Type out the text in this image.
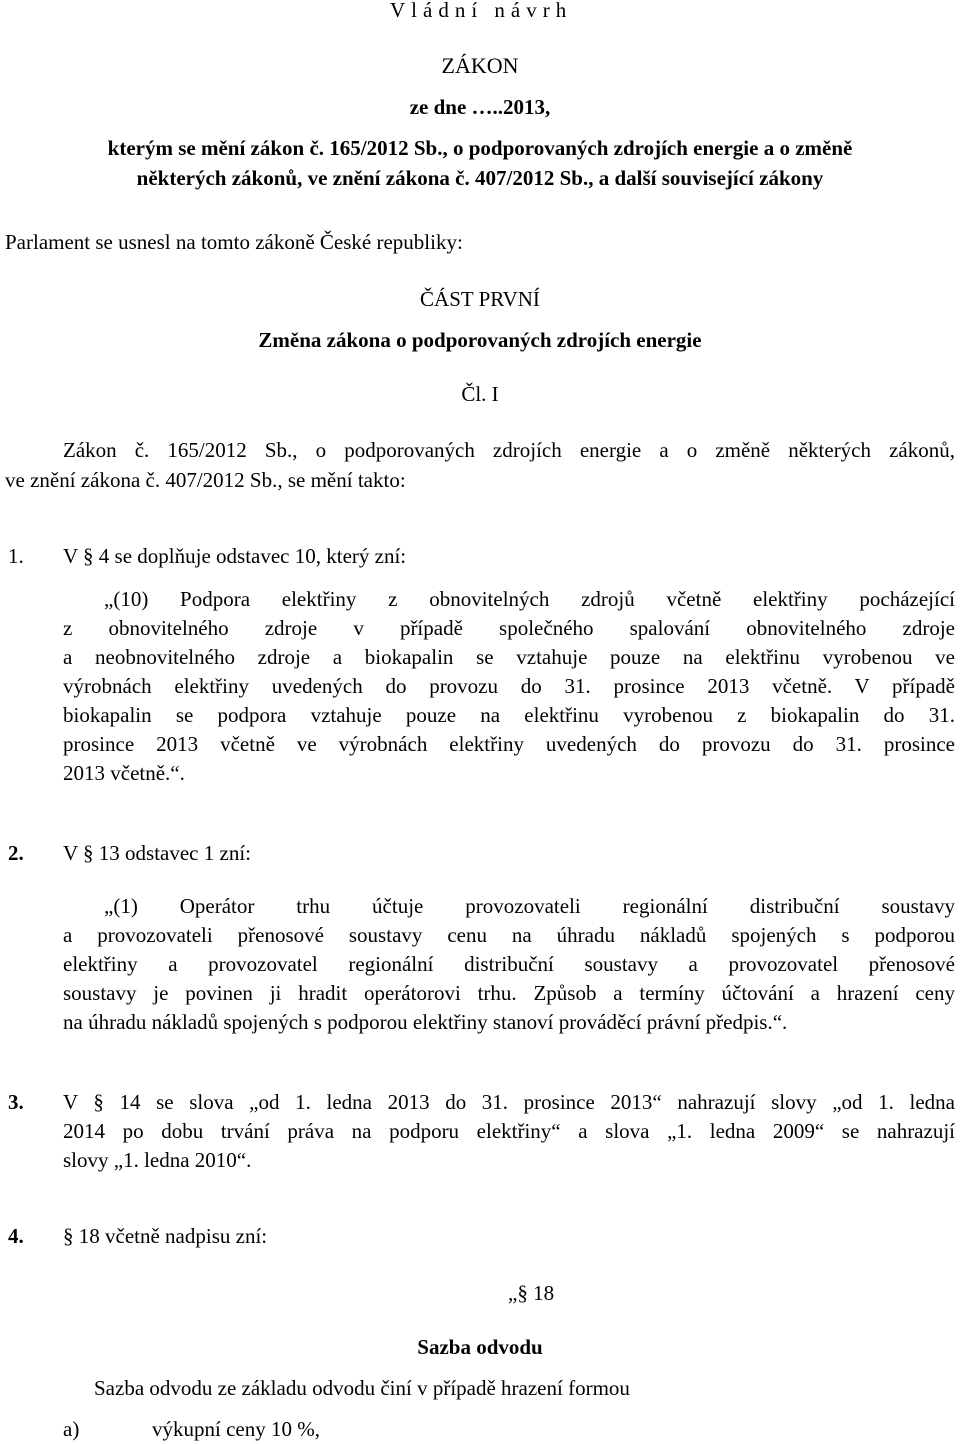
Vládní návrh
ZÁKON
ze dne …..2013,
kterým se mění zákon č. 165/2012 Sb., o podporovaných zdrojích energie a o změně
některých zákonů, ve znění zákona č. 407/2012 Sb., a další související zákony
Parlament se usnesl na tomto zákoně České republiky:
ČÁST PRVNÍ
Změna zákona o podporovaných zdrojích energie
Čl. I
Zákon č. 165/2012 Sb., o podporovaných zdrojích energie a o změně některých zákonů,
ve znění zákona č. 407/2012 Sb., se mění takto:
1. V § 4 se doplňuje odstavec 10, který zní:
„(10) Podpora elektřiny z obnovitelných zdrojů včetně elektřiny pocházející
z obnovitelného zdroje v případě společného spalování obnovitelného zdroje
a neobnovitelného zdroje a biokapalin se vztahuje pouze na elektřinu vyrobenou ve
výrobnách elektřiny uvedených do provozu do 31. prosince 2013 včetně. V případě
biokapalin se podpora vztahuje pouze na elektřinu vyrobenou z biokapalin do 31.
prosince 2013 včetně ve výrobnách elektřiny uvedených do provozu do 31. prosince
2013 včetně.“.
2. V § 13 odstavec 1 zní:
„(1) Operátor trhu účtuje provozovateli regionální distribuční soustavy
a provozovateli přenosové soustavy cenu na úhradu nákladů spojených s podporou
elektřiny a provozovatel regionální distribuční soustavy a provozovatel přenosové
soustavy je povinen ji hradit operátorovi trhu. Způsob a termíny účtování a hrazení ceny
na úhradu nákladů spojených s podporou elektřiny stanoví prováděcí právní předpis.“.
3. V § 14 se slova „od 1. ledna 2013 do 31. prosince 2013“ nahrazují slovy „od 1. ledna
2014 po dobu trvání práva na podporu elektřiny“ a slova „1. ledna 2009“ se nahrazují
slovy „1. ledna 2010“.
4. § 18 včetně nadpisu zní:
„§ 18
Sazba odvodu
Sazba odvodu ze základu odvodu činí v případě hrazení formou
a)	výkupní ceny 10 %,
